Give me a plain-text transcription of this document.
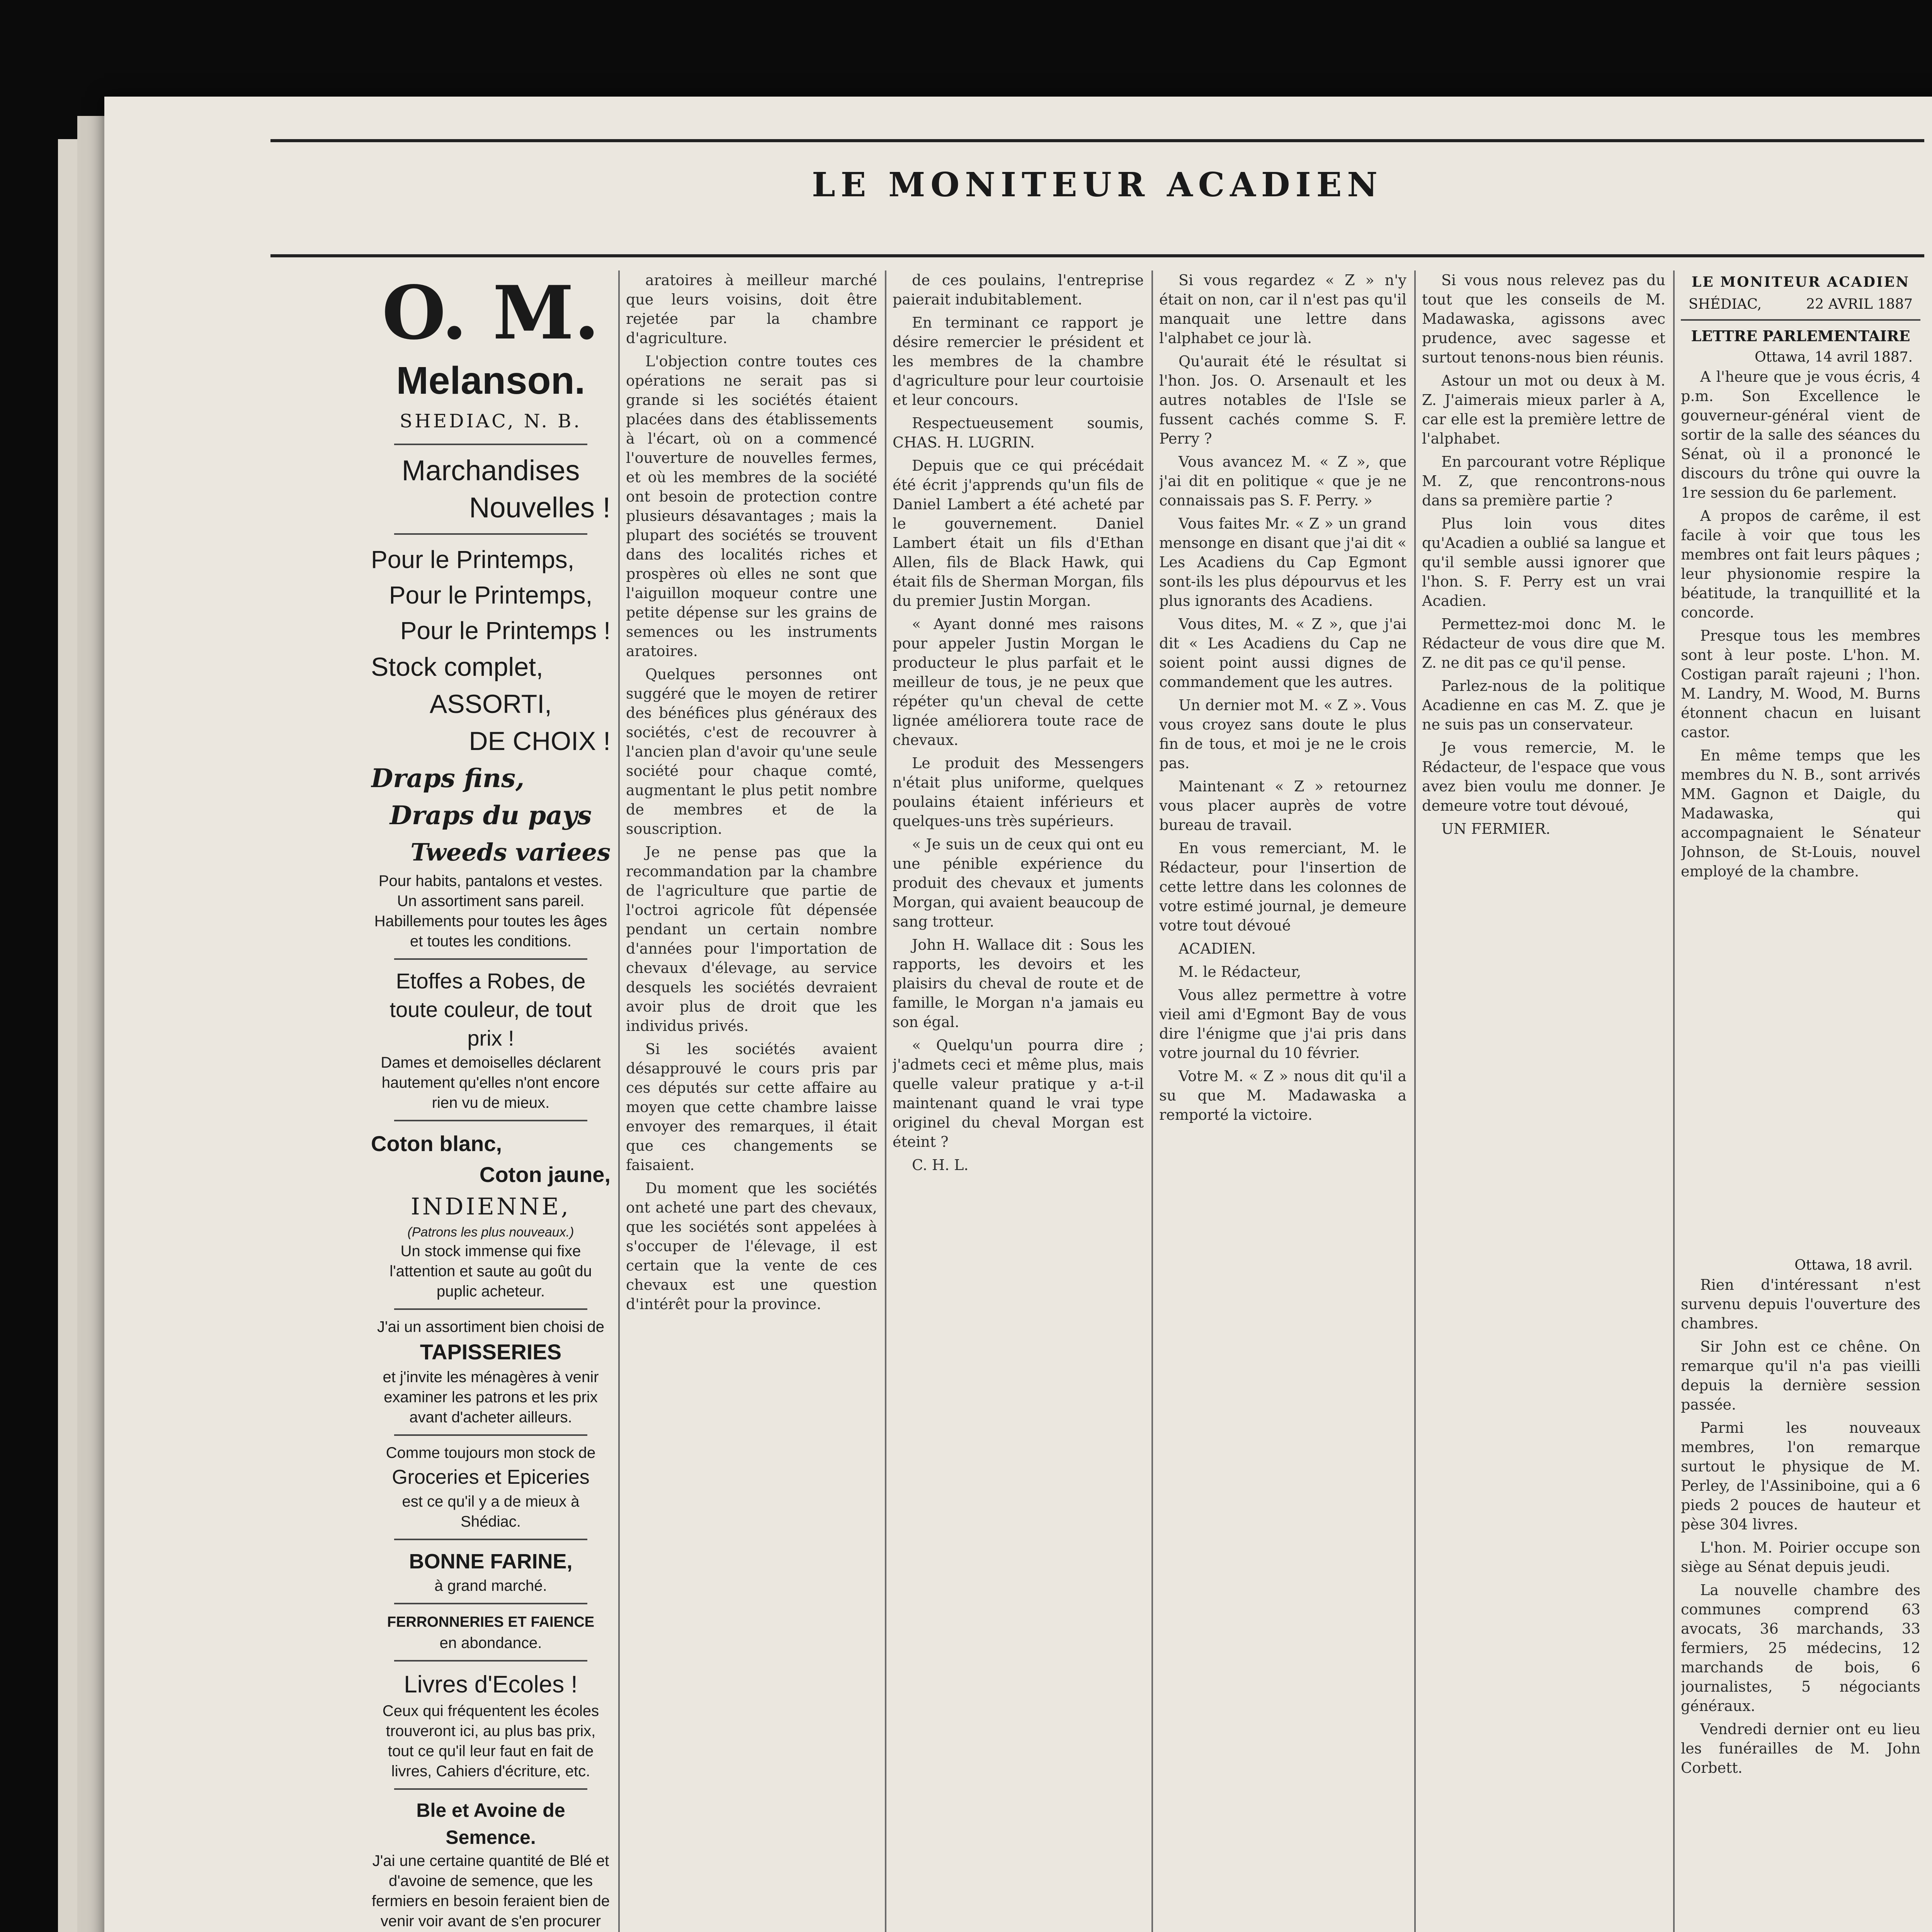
LE MONITEUR ACADIEN

O. M.

Melanson.

SHEDIAC, N. B.

Marchandises

Nouvelles !

Pour le Printemps,

Pour le Printemps,

Pour le Printemps !

Stock complet,

ASSORTI,

DE CHOIX !

Draps fins,

Draps du pays

Tweeds variees

Pour habits, pantalons et vestes. Un assortiment sans pareil. Habillements pour toutes les âges et toutes les conditions.

Etoffes a Robes, de toute couleur, de tout prix !

Dames et demoiselles déclarent hautement qu'elles n'ont encore rien vu de mieux.

Coton blanc,

Coton jaune,

INDIENNE,

(Patrons les plus nouveaux.)

Un stock immense qui fixe l'attention et saute au goût du puplic acheteur.

J'ai un assortiment bien choisi de

TAPISSERIES

et j'invite les ménagères à venir examiner les patrons et les prix avant d'acheter ailleurs.

Comme toujours mon stock de

Groceries et Epiceries

est ce qu'il y a de mieux à Shédiac.

BONNE FARINE,

à grand marché.

FERRONNERIES ET FAIENCE

en abondance.

Livres d'Ecoles !

Ceux qui fréquentent les écoles trouveront ici, au plus bas prix, tout ce qu'il leur faut en fait de livres, Cahiers d'écriture, etc.

Ble et Avoine de Semence.

J'ai une certaine quantité de Blé et d'avoine de semence, que les fermiers en besoin feraient bien de venir voir avant de s'en procurer

aratoires à meilleur marché que leurs voisins, doit être rejetée par la chambre d'agriculture.

L'objection contre toutes ces opérations ne serait pas si grande si les sociétés étaient placées dans des établissements à l'écart, où on a commencé l'ouverture de nouvelles fermes, et où les membres de la société ont besoin de protection contre plusieurs désavantages ; mais la plupart des sociétés se trouvent dans des localités riches et prospères où elles ne sont que l'aiguillon moqueur contre une petite dépense sur les grains de semences ou les instruments aratoires.

Quelques personnes ont suggéré que le moyen de retirer des bénéfices plus généraux des sociétés, c'est de recouvrer à l'ancien plan d'avoir qu'une seule société pour chaque comté, augmentant le plus petit nombre de membres et de la souscription.

Je ne pense pas que la recommandation par la chambre de l'agriculture que partie de l'octroi agricole fût dépensée pendant un certain nombre d'années pour l'importation de chevaux d'élevage, au service desquels les sociétés devraient avoir plus de droit que les individus privés.

Si les sociétés avaient désapprouvé le cours pris par ces députés sur cette affaire au moyen que cette chambre laisse envoyer des remarques, il était que ces changements se faisaient.

Du moment que les sociétés ont acheté une part des chevaux, que les sociétés sont appelées à s'occuper de l'élevage, il est certain que la vente de ces chevaux est une question d'intérêt pour la province.

de ces poulains, l'entreprise paierait indubitablement.

En terminant ce rapport je désire remercier le président et les membres de la chambre d'agriculture pour leur courtoisie et leur concours.

Respectueusement soumis, CHAS. H. LUGRIN.

Depuis que ce qui précédait été écrit j'apprends qu'un fils de Daniel Lambert a été acheté par le gouvernement. Daniel Lambert était un fils d'Ethan Allen, fils de Black Hawk, qui était fils de Sherman Morgan, fils du premier Justin Morgan.

« Ayant donné mes raisons pour appeler Justin Morgan le producteur le plus parfait et le meilleur de tous, je ne peux que répéter qu'un cheval de cette lignée améliorera toute race de chevaux.

Le produit des Messengers n'était plus uniforme, quelques poulains étaient inférieurs et quelques-uns très supérieurs.

« Je suis un de ceux qui ont eu une pénible expérience du produit des chevaux et juments Morgan, qui avaient beaucoup de sang trotteur.

John H. Wallace dit : Sous les rapports, les devoirs et les plaisirs du cheval de route et de famille, le Morgan n'a jamais eu son égal.

« Quelqu'un pourra dire ; j'admets ceci et même plus, mais quelle valeur pratique y a-t-il maintenant quand le vrai type originel du cheval Morgan est éteint ?

C. H. L.

Si vous regardez « Z » n'y était on non, car il n'est pas qu'il manquait une lettre dans l'alphabet ce jour là.

Qu'aurait été le résultat si l'hon. Jos. O. Arsenault et les autres notables de l'Isle se fussent cachés comme S. F. Perry ?

Vous avancez M. « Z », que j'ai dit en politique « que je ne connaissais pas S. F. Perry. »

Vous faites Mr. « Z » un grand mensonge en disant que j'ai dit « Les Acadiens du Cap Egmont sont-ils les plus dépourvus et les plus ignorants des Acadiens.

Vous dites, M. « Z », que j'ai dit « Les Acadiens du Cap ne soient point aussi dignes de commandement que les autres.

Un dernier mot M. « Z ». Vous vous croyez sans doute le plus fin de tous, et moi je ne le crois pas.

Maintenant « Z » retournez vous placer auprès de votre bureau de travail.

En vous remerciant, M. le Rédacteur, pour l'insertion de cette lettre dans les colonnes de votre estimé journal, je demeure votre tout dévoué

ACADIEN.

M. le Rédacteur,

Vous allez permettre à votre vieil ami d'Egmont Bay de vous dire l'énigme que j'ai pris dans votre journal du 10 février.

Votre M. « Z » nous dit qu'il a su que M. Madawaska a remporté la victoire.

Si vous nous relevez pas du tout que les conseils de M. Madawaska, agissons avec prudence, avec sagesse et surtout tenons-nous bien réunis.

Astour un mot ou deux à M. Z. J'aimerais mieux parler à A, car elle est la première lettre de l'alphabet.

En parcourant votre Réplique M. Z, que rencontrons-nous dans sa première partie ?

Plus loin vous dites qu'Acadien a oublié sa langue et qu'il semble aussi ignorer que l'hon. S. F. Perry est un vrai Acadien.

Permettez-moi donc M. le Rédacteur de vous dire que M. Z. ne dit pas ce qu'il pense.

Parlez-nous de la politique Acadienne en cas M. Z. que je ne suis pas un conservateur.

Je vous remercie, M. le Rédacteur, de l'espace que vous avez bien voulu me donner. Je demeure votre tout dévoué,

UN FERMIER.

LE MONITEUR ACADIEN
SHÉDIAC,	22 AVRIL 1887
LETTRE PARLEMENTAIRE
Ottawa, 14 avril 1887.

A l'heure que je vous écris, 4 p.m. Son Excellence le gouverneur-général vient de sortir de la salle des séances du Sénat, où il a prononcé le discours du trône qui ouvre la 1re session du 6e parlement.

A propos de carême, il est facile à voir que tous les membres ont fait leurs pâques ; leur physionomie respire la béatitude, la tranquillité et la concorde.

Presque tous les membres sont à leur poste. L'hon. M. Costigan paraît rajeuni ; l'hon. M. Landry, M. Wood, M. Burns étonnent chacun en luisant castor.

En même temps que les membres du N. B., sont arrivés MM. Gagnon et Daigle, du Madawaska, qui accompagnaient le Sénateur Johnson, de St-Louis, nouvel employé de la chambre.

Ottawa, 18 avril.

Rien d'intéressant n'est survenu depuis l'ouverture des chambres.

Sir John est ce chêne. On remarque qu'il n'a pas vieilli depuis la dernière session passée.

Parmi les nouveaux membres, l'on remarque surtout le physique de M. Perley, de l'Assiniboine, qui a 6 pieds 2 pouces de hauteur et pèse 304 livres.

L'hon. M. Poirier occupe son siège au Sénat depuis jeudi.

La nouvelle chambre des communes comprend 63 avocats, 36 marchands, 33 fermiers, 25 médecins, 12 marchands de bois, 6 journalistes, 5 négociants généraux.

Vendredi dernier ont eu lieu les funérailles de M. John Corbett.
